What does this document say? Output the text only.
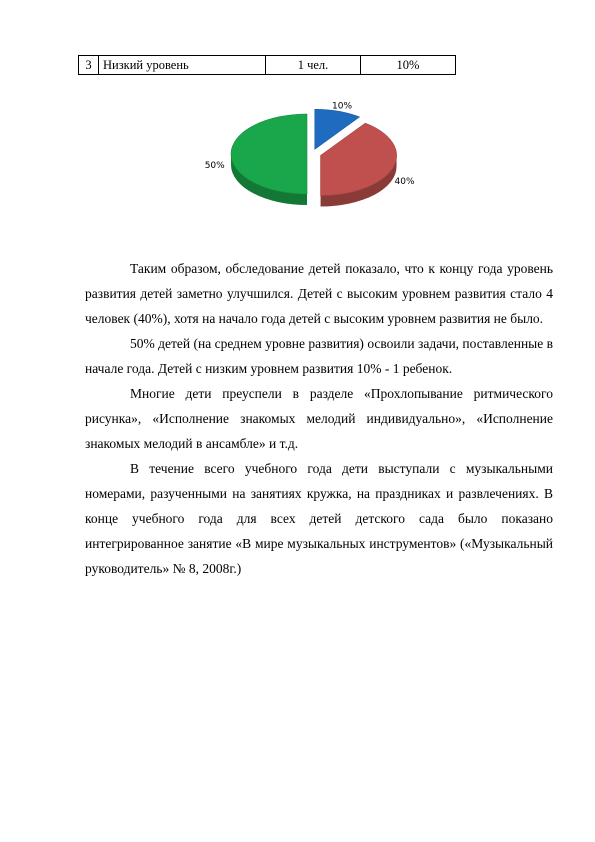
3	Низкий уровень	1 чел.	10%
10%
40%
50%

Таким образом, обследование детей показало, что к концу года уровень развития детей заметно улучшился. Детей с высоким уровнем развития стало 4 человек (40%), хотя на начало года детей с высоким уровнем развития не было.

50% детей (на среднем уровне развития) освоили задачи, поставленные в начале года. Детей с низким уровнем развития 10% - 1 ребенок.

Многие дети преуспели в разделе «Прохлопывание ритмического рисунка», «Исполнение знакомых мелодий индивидуально», «Исполнение знакомых мелодий в ансамбле» и т.д.

В течение всего учебного года дети выступали с музыкальными номерами, разученными на занятиях кружка, на праздниках и развлечениях. В конце учебного года для всех детей детского сада было показано интегрированное занятие «В мире музыкальных инструментов» («Музыкальный руководитель» № 8, 2008г.)
